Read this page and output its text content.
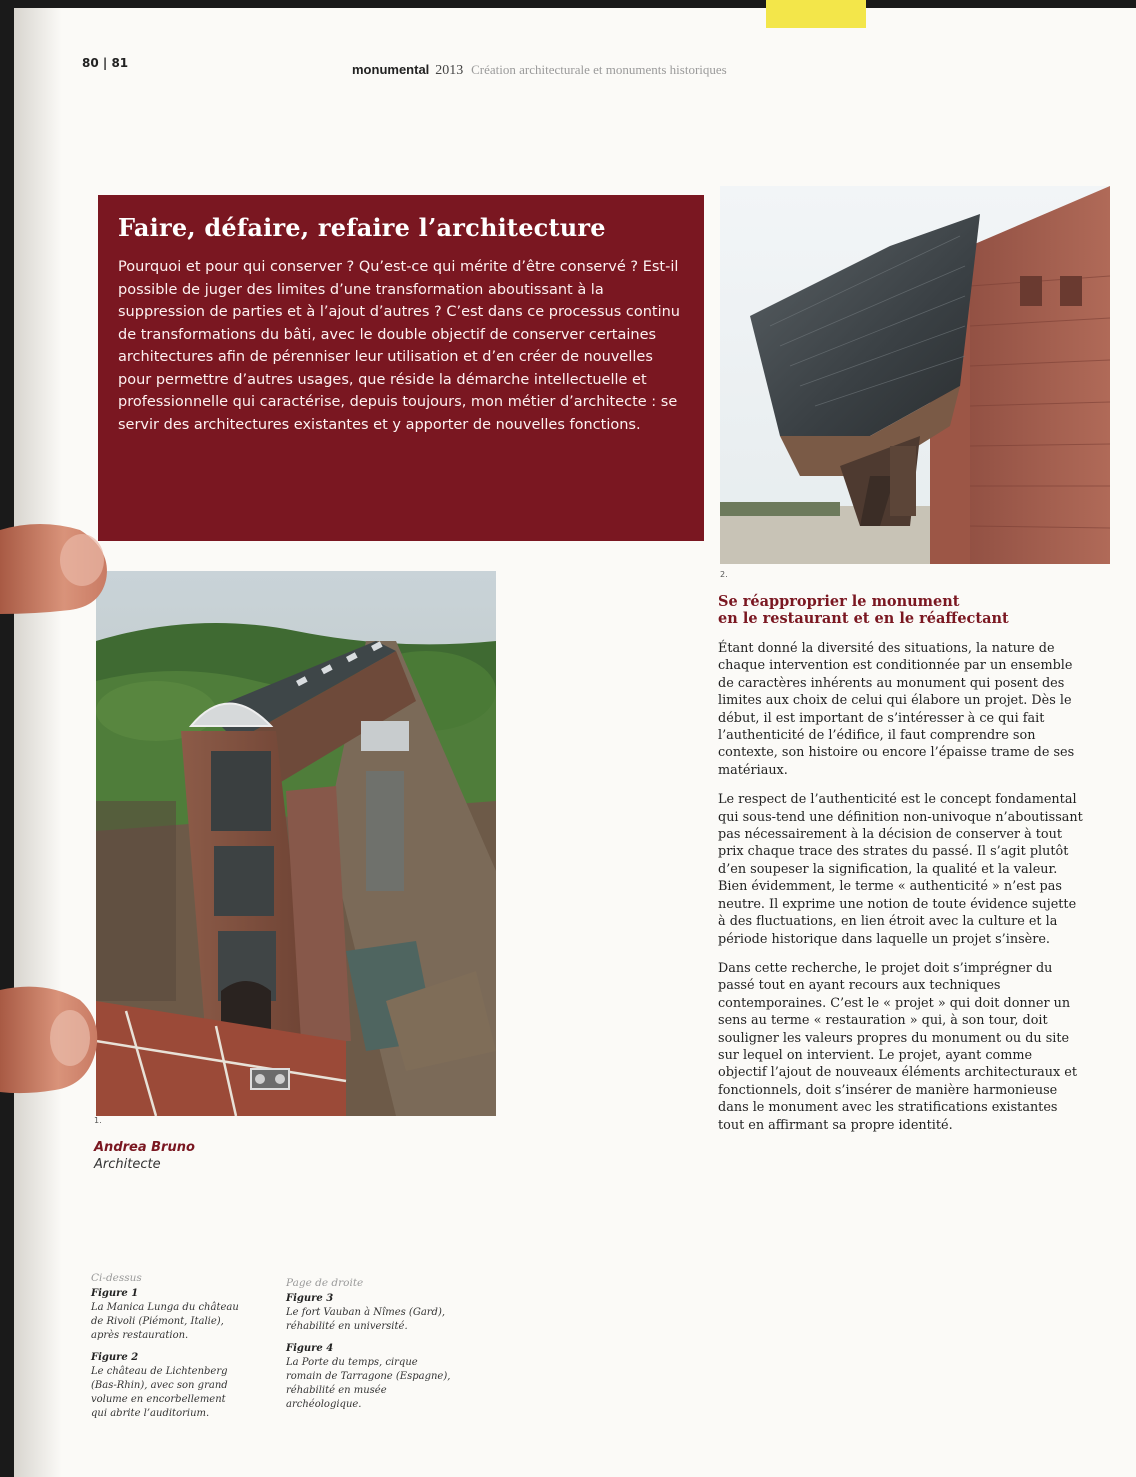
80 | 81	monumental 2013 Création architecturale et monuments historiques
Faire, défaire, refaire l’architecture

Pourquoi et pour qui conserver ? Qu’est-ce qui mérite d’être conservé ? Est-il possible de juger des limites d’une transformation aboutissant à la suppression de parties et à l’ajout d’autres ? C’est dans ce processus continu de transformations du bâti, avec le double objectif de conserver certaines architectures afin de pérenniser leur utilisation et d’en créer de nouvelles pour permettre d’autres usages, que réside la démarche intellectuelle et professionnelle qui caractérise, depuis toujours, mon métier d’architecte : se servir des architectures existantes et y apporter de nouvelles fonctions.

2.
Se réapproprier le monument
en le restaurant et en le réaffectant

Étant donné la diversité des situations, la nature de chaque intervention est conditionnée par un ensemble de caractères inhérents au monument qui posent des limites aux choix de celui qui élabore un projet. Dès le début, il est important de s’intéresser à ce qui fait l’authenticité de l’édifice, il faut comprendre son contexte, son histoire ou encore l’épaisse trame de ses matériaux.

Le respect de l’authenticité est le concept fondamental qui sous-tend une définition non-univoque n’aboutissant pas nécessairement à la décision de conserver à tout prix chaque trace des strates du passé. Il s’agit plutôt d’en soupeser la signification, la qualité et la valeur. Bien évidemment, le terme « authenticité » n’est pas neutre. Il exprime une notion de toute évidence sujette à des fluctuations, en lien étroit avec la culture et la période historique dans laquelle un projet s’insère.

Dans cette recherche, le projet doit s’imprégner du passé tout en ayant recours aux techniques contemporaines. C’est le « projet » qui doit donner un sens au terme « restauration » qui, à son tour, doit souligner les valeurs propres du monument ou du site sur lequel on intervient. Le projet, ayant comme objectif l’ajout de nouveaux éléments architecturaux et fonctionnels, doit s’insérer de manière harmonieuse dans le monument avec les stratifications existantes tout en affirmant sa propre identité.

1.
Andrea Bruno
Architecte
Ci-dessus
Figure 1
La Manica Lunga du château
de Rivoli (Piémont, Italie),
après restauration.
Figure 2
Le château de Lichtenberg
(Bas-Rhin), avec son grand
volume en encorbellement
qui abrite l’auditorium.
Page de droite
Figure 3
Le fort Vauban à Nîmes (Gard),
réhabilité en université.
Figure 4
La Porte du temps, cirque
romain de Tarragone (Espagne),
réhabilité en musée
archéologique.
